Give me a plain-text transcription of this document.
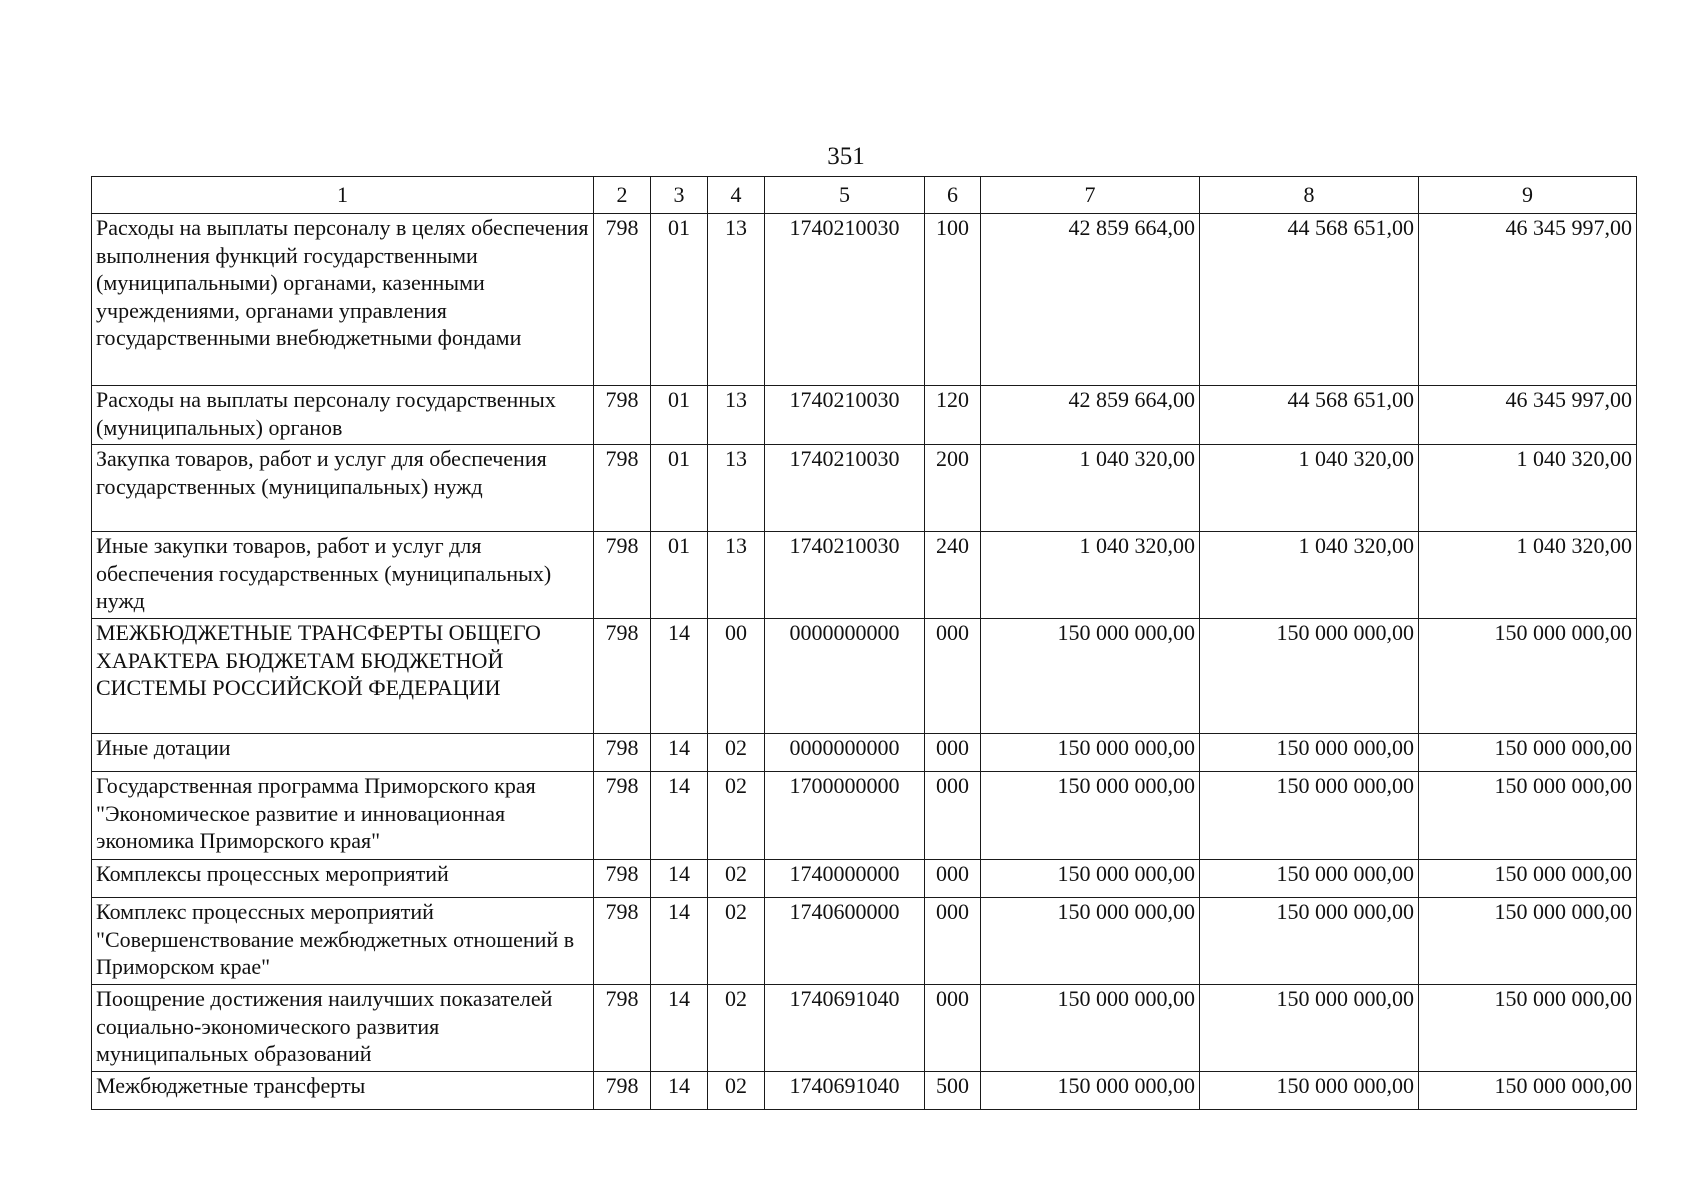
351
1	2	3	4	5	6	7	8	9
Расходы на выплаты персоналу в целях обеспечения выполнения функций государственными (муниципальными) органами, казенными учреждениями, органами управления государственными внебюджетными фондами	798	01	13	1740210030	100	42 859 664,00	44 568 651,00	46 345 997,00
Расходы на выплаты персоналу государственных (муниципальных) органов	798	01	13	1740210030	120	42 859 664,00	44 568 651,00	46 345 997,00
Закупка товаров, работ и услуг для обеспечения государственных (муниципальных) нужд	798	01	13	1740210030	200	1 040 320,00	1 040 320,00	1 040 320,00
Иные закупки товаров, работ и услуг для обеспечения государственных (муниципальных) нужд	798	01	13	1740210030	240	1 040 320,00	1 040 320,00	1 040 320,00
МЕЖБЮДЖЕТНЫЕ ТРАНСФЕРТЫ ОБЩЕГО ХАРАКТЕРА БЮДЖЕТАМ БЮДЖЕТНОЙ СИСТЕМЫ РОССИЙСКОЙ ФЕДЕРАЦИИ	798	14	00	0000000000	000	150 000 000,00	150 000 000,00	150 000 000,00
Иные дотации	798	14	02	0000000000	000	150 000 000,00	150 000 000,00	150 000 000,00
Государственная программа Приморского края "Экономическое развитие и инновационная экономика Приморского края"	798	14	02	1700000000	000	150 000 000,00	150 000 000,00	150 000 000,00
Комплексы процессных мероприятий	798	14	02	1740000000	000	150 000 000,00	150 000 000,00	150 000 000,00
Комплекс процессных мероприятий "Совершенствование межбюджетных отношений в Приморском крае"	798	14	02	1740600000	000	150 000 000,00	150 000 000,00	150 000 000,00
Поощрение достижения наилучших показателей социально-экономического развития муниципальных образований	798	14	02	1740691040	000	150 000 000,00	150 000 000,00	150 000 000,00
Межбюджетные трансферты	798	14	02	1740691040	500	150 000 000,00	150 000 000,00	150 000 000,00
